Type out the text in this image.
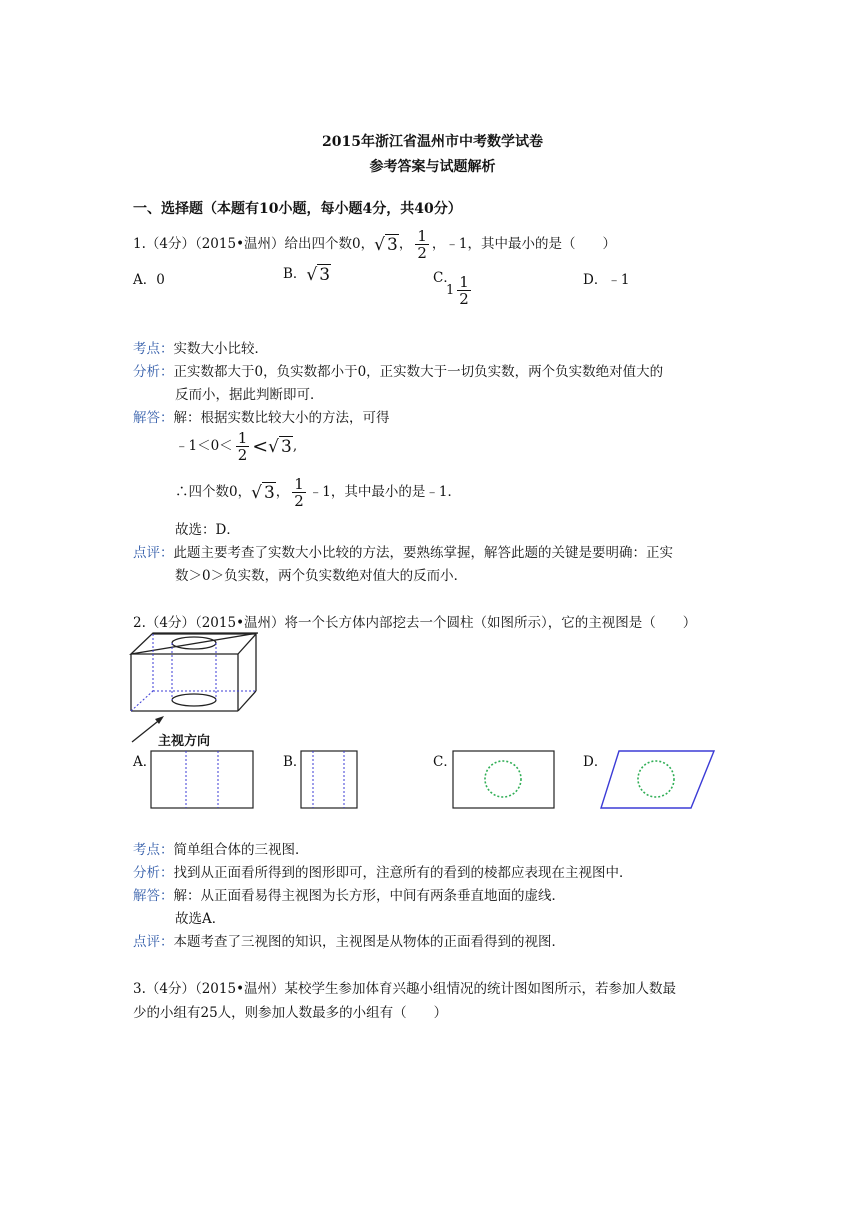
2015年浙江省温州市中考数学试卷
参考答案与试题解析
一、选择题（本题有10小题，每小题4分，共40分）
1.（4分）（2015•温州）给出四个数0，√ 3， $\frac{1}{2}$ ，﹣1，其中最小的是（　　）
A．0	B．√ 3	C．
$1 \frac{1}{2}$	D．﹣1
考点：实数大小比较．
分析：正实数都大于0，负实数都小于0，正实数大于一切负实数，两个负实数绝对值大的
反而小，据此判断即可．
解答：解：根据实数比较大小的方法，可得
﹣1＜0＜ $\frac{1}{2}$ <√ 3,
∴四个数0，√ 3， $\frac{1}{2}$ ﹣1，其中最小的是﹣1．
故选：D．
点评：此题主要考查了实数大小比较的方法，要熟练掌握，解答此题的关键是要明确：正实
数＞0＞负实数，两个负实数绝对值大的反而小．
2.（4分）（2015•温州）将一个长方体内部挖去一个圆柱（如图所示），它的主视图是（　　）
主视方向
A．	B．	C．	D．
考点：简单组合体的三视图．
分析：找到从正面看所得到的图形即可，注意所有的看到的棱都应表现在主视图中．
解答：解：从正面看易得主视图为长方形，中间有两条垂直地面的虚线．
故选A．
点评：本题考查了三视图的知识，主视图是从物体的正面看得到的视图．
3.（4分）（2015•温州）某校学生参加体育兴趣小组情况的统计图如图所示，若参加人数最
少的小组有25人，则参加人数最多的小组有（　　）
